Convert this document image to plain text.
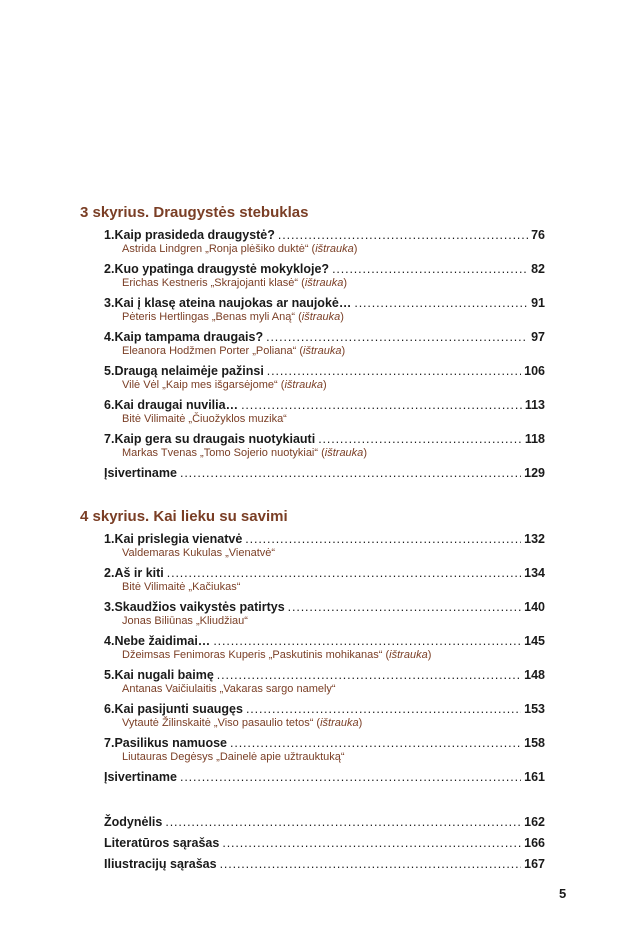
3 skyrius. Draugystės stebuklas
1. Kaip prasideda draugystė? . . .	76
Astrida Lindgren „Ronja plėšiko duktė“ (ištrauka)
2. Kuo ypatinga draugystė mokykloje? . . .	82
Erichas Kestneris „Skrajojanti klasė“ (ištrauka)
3. Kai į klasę ateina naujokas ar naujokė… . . .	91
Pėteris Hertlingas „Benas myli Aną“ (ištrauka)
4. Kaip tampama draugais? . . .	97
Eleanora Hodžmen Porter „Poliana“ (ištrauka)
5. Draugą nelaimėje pažinsi . . .	106
Vilė Vėl „Kaip mes išgarsėjome“ (ištrauka)
6. Kai draugai nuvilia… . . .	113
Bitė Vilimaitė „Čiuožyklos muzika“
7. Kaip gera su draugais nuotykiauti . . .	118
Markas Tvenas „Tomo Sojerio nuotykiai“ (ištrauka)
Įsivertiname . . .	129
4 skyrius. Kai lieku su savimi
1. Kai prislegia vienatvė . . .	132
Valdemaras Kukulas „Vienatvė“
2. Aš ir kiti . . .	134
Bitė Vilimaitė „Kačiukas“
3. Skaudžios vaikystės patirtys . . .	140
Jonas Biliūnas „Kliudžiau“
4. Nebe žaidimai… . . .	145
Džeimsas Fenimoras Kuperis „Paskutinis mohikanas“ (ištrauka)
5. Kai nugali baimę . . .	148
Antanas Vaičiulaitis „Vakaras sargo namely“
6. Kai pasijunti suaugęs . . .	153
Vytautė Žilinskaitė „Viso pasaulio tetos“ (ištrauka)
7. Pasilikus namuose . . .	158
Liutauras Degėsys „Dainelė apie užtrauktuką“
Įsivertiname . . .	161
Žodynėlis . . .	162
Literatūros sąrašas . . .	166
Iliustracijų sąrašas . . .	167
5
